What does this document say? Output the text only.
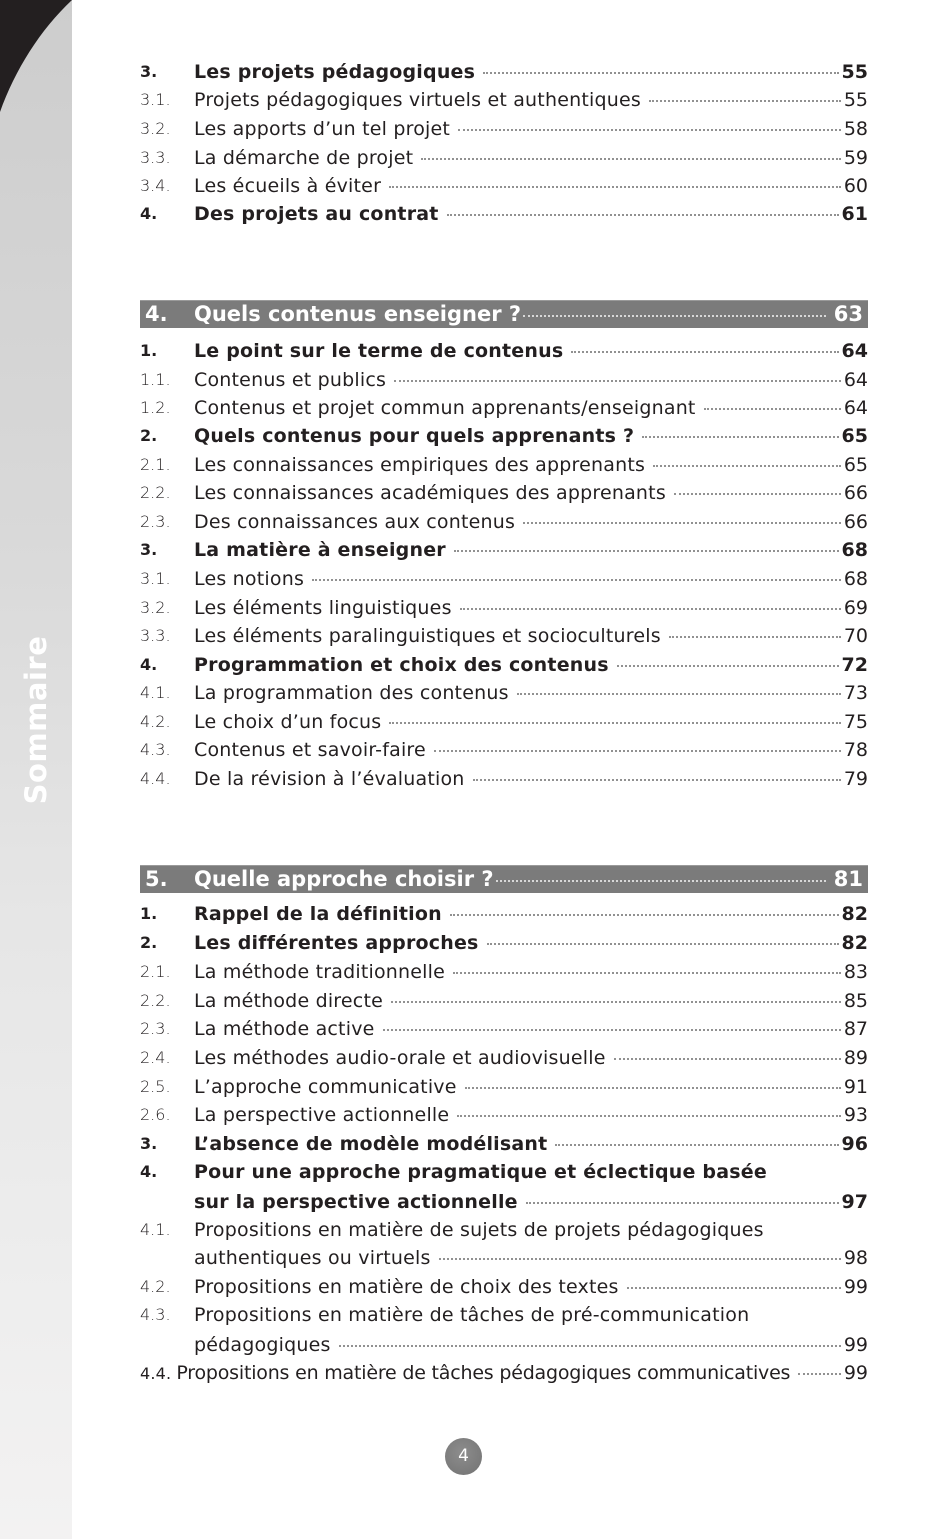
Sommaire
3. Les projets pédagogiques	55
3.1. Projets pédagogiques virtuels et authentiques	55
3.2. Les apports d’un tel projet	58
3.3. La démarche de projet	59
3.4. Les écueils à éviter	60
4. Des projets au contrat	61
4. Quels contenus enseigner ?	63
1. Le point sur le terme de contenus	64
1.1. Contenus et publics	64
1.2. Contenus et projet commun apprenants/enseignant	64
2. Quels contenus pour quels apprenants ?	65
2.1. Les connaissances empiriques des apprenants	65
2.2. Les connaissances académiques des apprenants	66
2.3. Des connaissances aux contenus	66
3. La matière à enseigner	68
3.1. Les notions	68
3.2. Les éléments linguistiques	69
3.3. Les éléments paralinguistiques et socioculturels	70
4. Programmation et choix des contenus	72
4.1. La programmation des contenus	73
4.2. Le choix d’un focus	75
4.3. Contenus et savoir-faire	78
4.4. De la révision à l’évaluation	79
5. Quelle approche choisir ?	81
1. Rappel de la définition	82
2. Les différentes approches	82
2.1. La méthode traditionnelle	83
2.2. La méthode directe	85
2.3. La méthode active	87
2.4. Les méthodes audio-orale et audiovisuelle	89
2.5. L’approche communicative	91
2.6. La perspective actionnelle	93
3. L’absence de modèle modélisant	96
4. Pour une approche pragmatique et éclectique basée
sur la perspective actionnelle	97
4.1. Propositions en matière de sujets de projets pédagogiques
authentiques ou virtuels	98
4.2. Propositions en matière de choix des textes	99
4.3. Propositions en matière de tâches de pré-communication
pédagogiques	99
4.4. Propositions en matière de tâches pédagogiques communicatives	99
4
